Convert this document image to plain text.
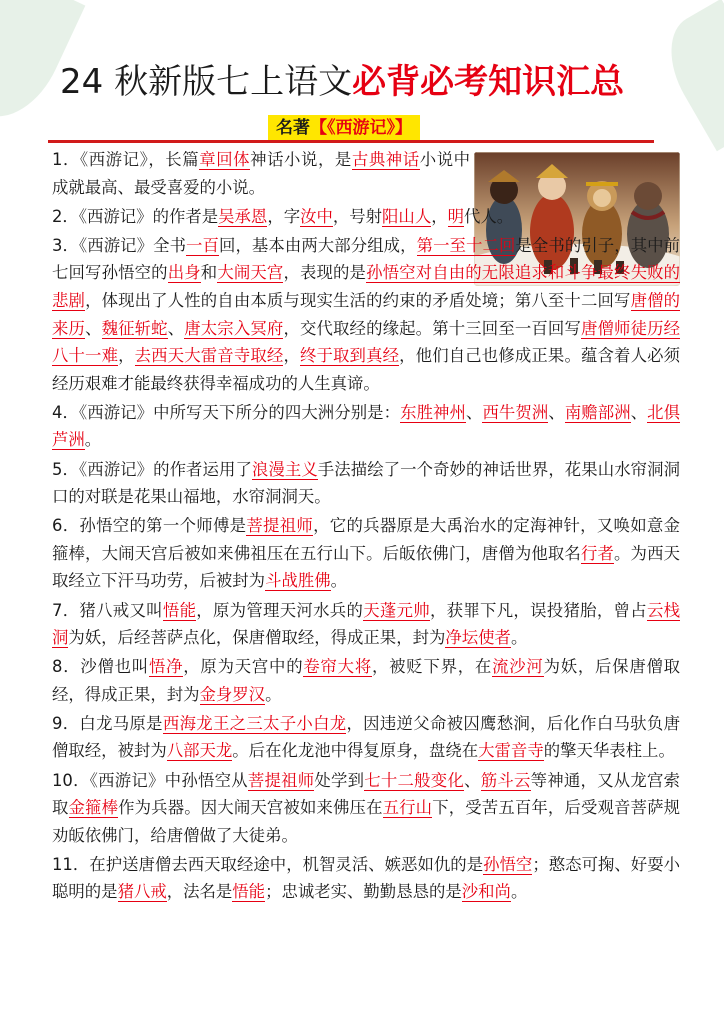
24 秋新版七上语文必背必考知识汇总
名著【《西游记》】

1．《西游记》，长篇章回体神话小说，是古典神话小说中成就最高、最受喜爱的小说。

2．《西游记》的作者是吴承恩，字汝中，号射阳山人，明代人。

3．《西游记》全书一百回，基本由两大部分组成，第一至十二回是全书的引子，其中前七回写孙悟空的出身和大闹天宫，表现的是孙悟空对自由的无限追求和斗争最终失败的悲剧，体现出了人性的自由本质与现实生活的约束的矛盾处境；第八至十二回写唐僧的来历、魏征斩蛇、唐太宗入冥府，交代取经的缘起。第十三回至一百回写唐僧师徒历经八十一难，去西天大雷音寺取经，终于取到真经，他们自己也修成正果。蕴含着人必须经历艰难才能最终获得幸福成功的人生真谛。

4．《西游记》中所写天下所分的四大洲分别是：东胜神州、西牛贺洲、南赡部洲、北俱芦洲。

5．《西游记》的作者运用了浪漫主义手法描绘了一个奇妙的神话世界，花果山水帘洞洞口的对联是花果山福地，水帘洞洞天。

6．孙悟空的第一个师傅是菩提祖师，它的兵器原是大禹治水的定海神针，又唤如意金箍棒，大闹天宫后被如来佛祖压在五行山下。后皈依佛门，唐僧为他取名行者。为西天取经立下汗马功劳，后被封为斗战胜佛。

7．猪八戒又叫悟能，原为管理天河水兵的天蓬元帅，获罪下凡，误投猪胎，曾占云栈洞为妖，后经菩萨点化，保唐僧取经，得成正果，封为净坛使者。

8．沙僧也叫悟净，原为天宫中的卷帘大将，被贬下界，在流沙河为妖，后保唐僧取经，得成正果，封为金身罗汉。

9．白龙马原是西海龙王之三太子小白龙，因违逆父命被囚鹰愁涧，后化作白马驮负唐僧取经，被封为八部天龙。后在化龙池中得复原身，盘绕在大雷音寺的擎天华表柱上。

10．《西游记》中孙悟空从菩提祖师处学到七十二般变化、筋斗云等神通，又从龙宫索取金箍棒作为兵器。因大闹天宫被如来佛压在五行山下，受苦五百年，后受观音菩萨规劝皈依佛门，给唐僧做了大徒弟。

11．在护送唐僧去西天取经途中，机智灵活、嫉恶如仇的是孙悟空；憨态可掬、好耍小聪明的是猪八戒，法名是悟能；忠诚老实、勤勤恳恳的是沙和尚。
